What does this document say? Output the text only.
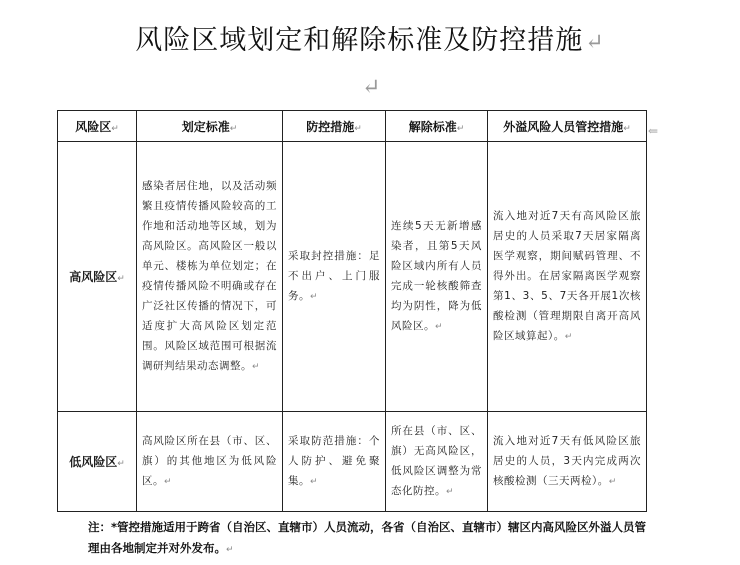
风险区域划定和解除标准及防控措施↵
↵
风险区↵	划定标准↵	防控措施↵	解除标准↵	外溢风险人员管控措施↵
高风险区↵	感染者居住地，以及活动频繁且疫情传播风险较高的工作地和活动地等区域，划为高风险区。高风险区一般以单元、楼栋为单位划定；在疫情传播风险不明确或存在广泛社区传播的情况下，可适度扩大高风险区划定范围。风险区域范围可根据流调研判结果动态调整。↵	采取封控措施：足不出户、上门服务。↵	连续5天无新增感染者，且第5天风险区域内所有人员完成一轮核酸筛查均为阴性，降为低风险区。↵	流入地对近7天有高风险区旅居史的人员采取7天居家隔离医学观察，期间赋码管理、不得外出。在居家隔离医学观察第1、3、5、7天各开展1次核酸检测（管理期限自离开高风险区域算起）。↵
低风险区↵	高风险区所在县（市、区、旗）的其他地区为低风险区。↵	采取防范措施：个人防护、避免聚集。↵	所在县（市、区、旗）无高风险区，低风险区调整为常态化防控。↵	流入地对近7天有低风险区旅居史的人员，3天内完成两次核酸检测（三天两检）。↵
⇐
注：*管控措施适用于跨省（自治区、直辖市）人员流动，各省（自治区、直辖市）辖区内高风险区外溢人员管理由各地制定并对外发布。↵
